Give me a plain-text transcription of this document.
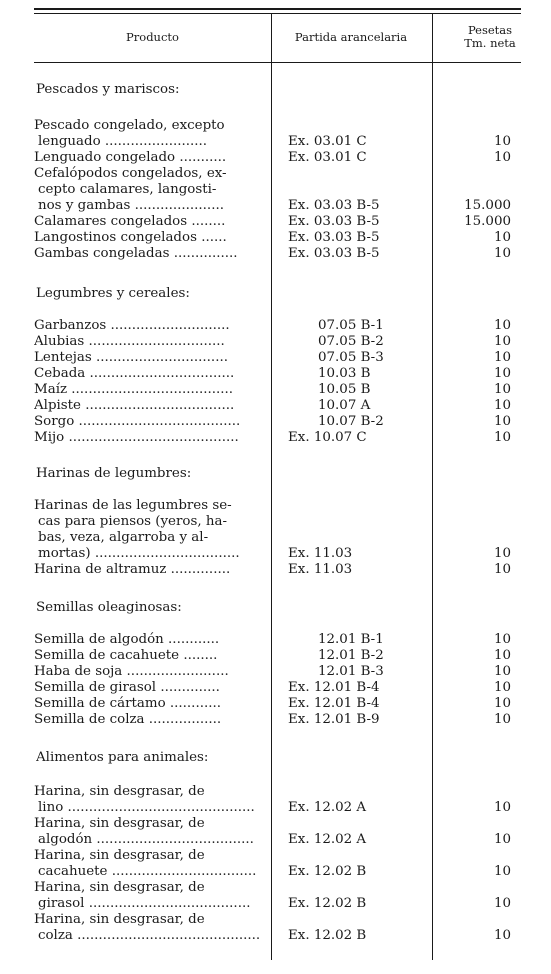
Producto	Partida arancelaria	Pesetas
Tm. neta
Pescados y mariscos:
Pescado congelado, excepto
lenguado ........................	Ex. 03.01 C	10
Lenguado congelado ...........	Ex. 03.01 C	10
Cefalópodos congelados, ex-
cepto calamares, langosti-
nos y gambas .....................	Ex. 03.03 B-5	15.000
Calamares congelados ........	Ex. 03.03 B-5	15.000
Langostinos congelados ......	Ex. 03.03 B-5	10
Gambas congeladas ...............	Ex. 03.03 B-5	10
Legumbres y cereales:
Garbanzos ............................	07.05 B-1	10
Alubias ................................	07.05 B-2	10
Lentejas ...............................	07.05 B-3	10
Cebada ..................................	10.03 B	10
Maíz ......................................	10.05 B	10
Alpiste ...................................	10.07 A	10
Sorgo ......................................	10.07 B-2	10
Mijo ........................................	Ex. 10.07 C	10
Harinas de legumbres:
Harinas de las legumbres se-
cas para piensos (yeros, ha-
bas, veza, algarroba y al-
mortas) ..................................	Ex. 11.03	10
Harina de altramuz ..............	Ex. 11.03	10
Semillas oleaginosas:
Semilla de algodón ............	12.01 B-1	10
Semilla de cacahuete ........	12.01 B-2	10
Haba de soja ........................	12.01 B-3	10
Semilla de girasol ..............	Ex. 12.01 B-4	10
Semilla de cártamo ............	Ex. 12.01 B-4	10
Semilla de colza .................	Ex. 12.01 B-9	10
Alimentos para animales:
Harina, sin desgrasar, de
lino ............................................ Ex. 12.02 A	10
Harina, sin desgrasar, de
algodón .....................................	Ex. 12.02 A	10
Harina, sin desgrasar, de
cacahuete .................................. Ex. 12.02 B	10
Harina, sin desgrasar, de
girasol ......................................	Ex. 12.02 B	10
Harina, sin desgrasar, de
colza ........................................... Ex. 12.02 B	10
